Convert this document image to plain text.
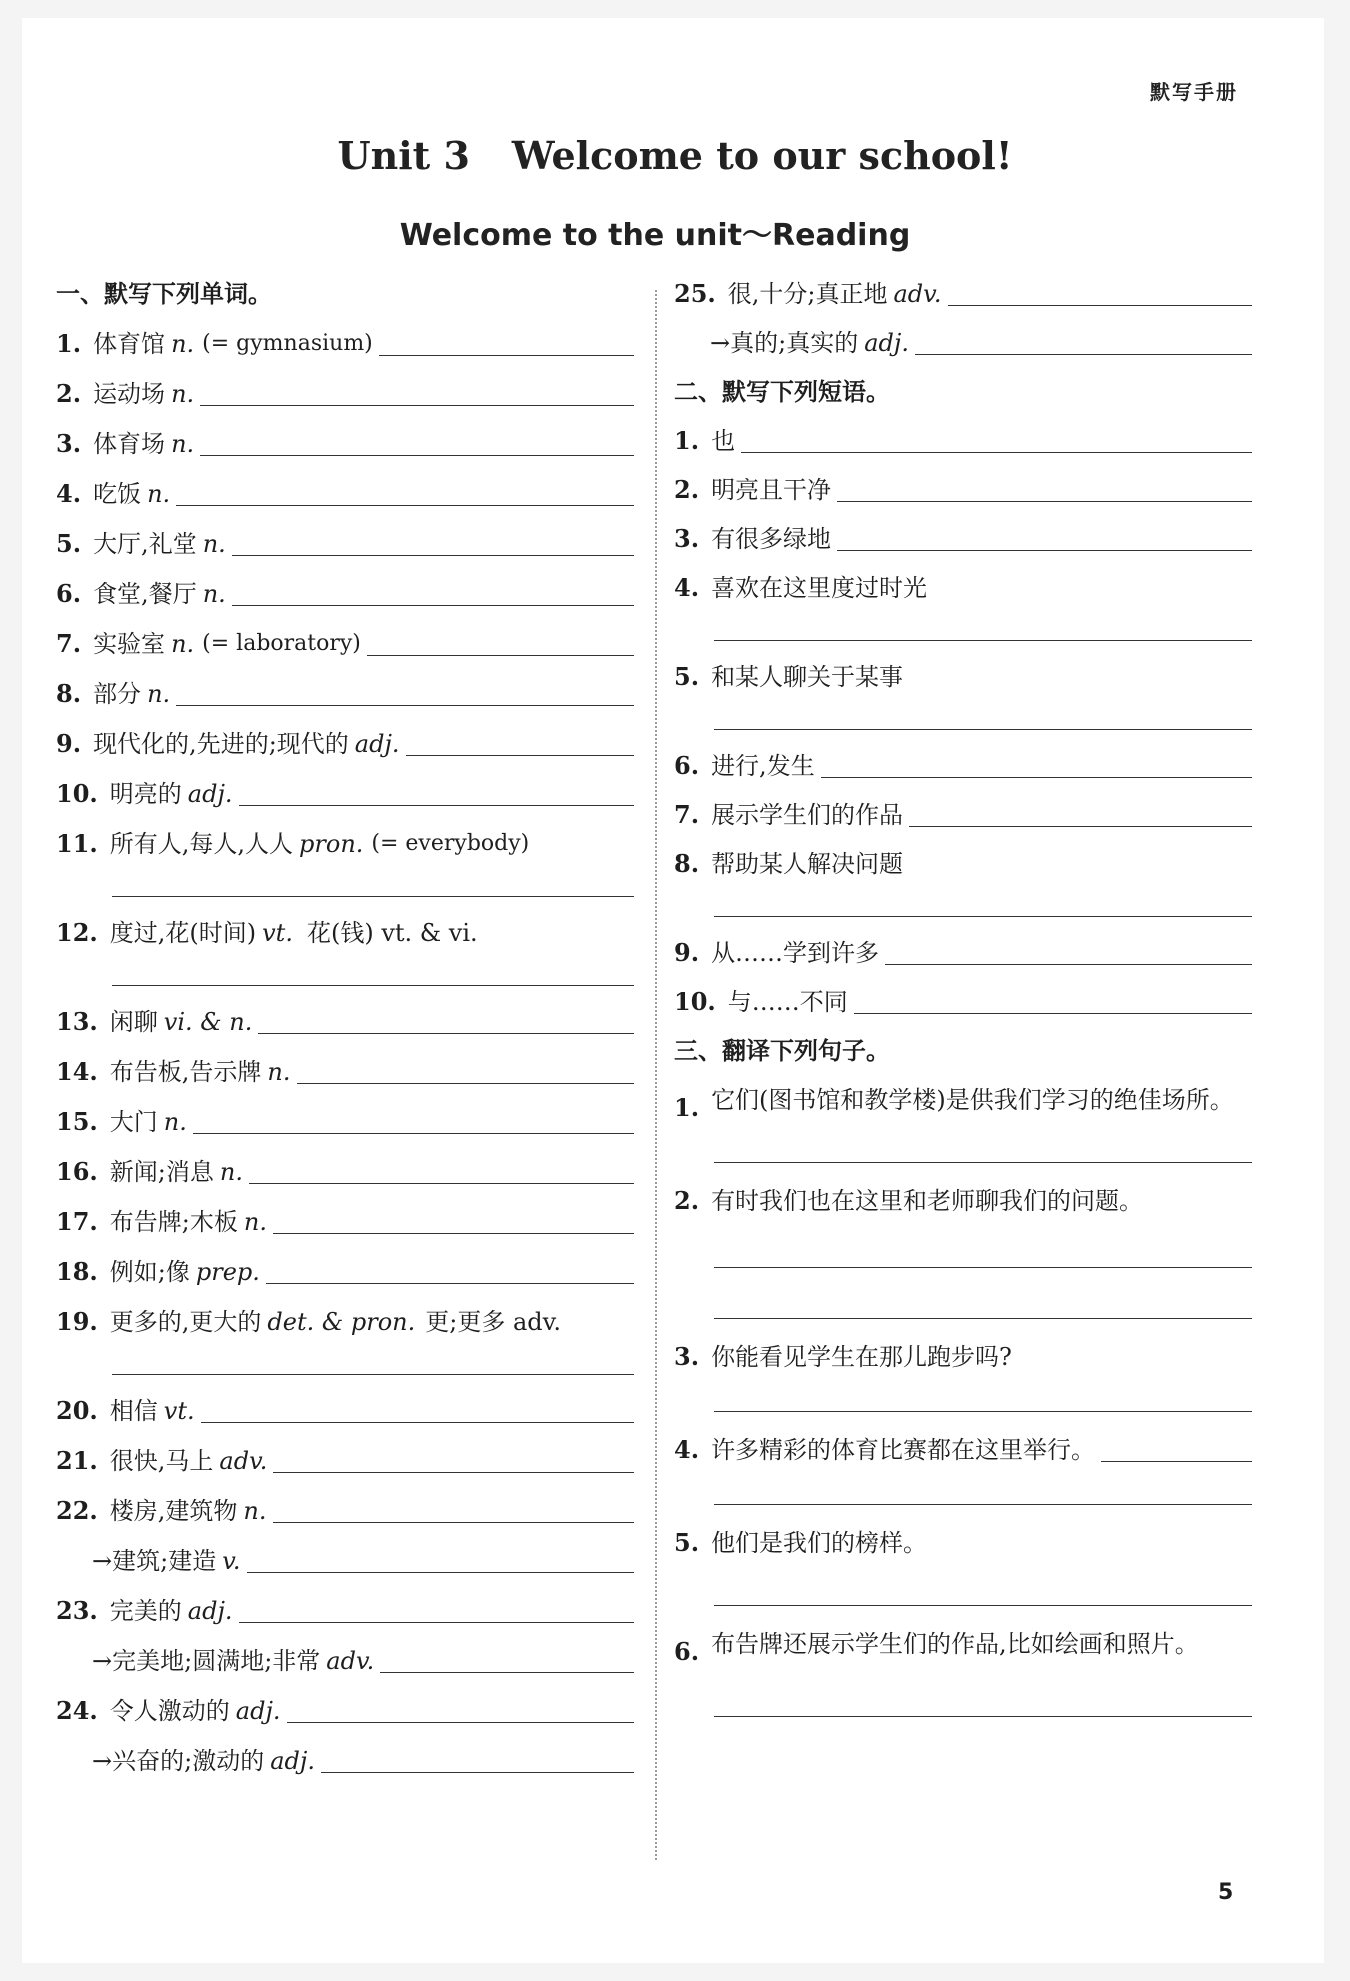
默写手册
Unit 3 Welcome to our school!
Welcome to the unit～Reading
一、默写下列单词。
1. 体育馆 n. (= gymnasium)
2. 运动场 n.
3. 体育场 n.
4. 吃饭 n.
5. 大厅,礼堂 n.
6. 食堂,餐厅 n.
7. 实验室 n. (= laboratory)
8. 部分 n.
9. 现代化的,先进的;现代的 adj.
10. 明亮的 adj.
11. 所有人,每人,人人 pron. (= everybody)
12. 度过,花(时间) vt. 花(钱) vt. & vi.
13. 闲聊 vi. & n.
14. 布告板,告示牌 n.
15. 大门 n.
16. 新闻;消息 n.
17. 布告牌;木板 n.
18. 例如;像 prep.
19. 更多的,更大的 det. & pron. 更;更多 adv.
20. 相信 vt.
21. 很快,马上 adv.
22. 楼房,建筑物 n.
→建筑;建造 v.
23. 完美的 adj.
→完美地;圆满地;非常 adv.
24. 令人激动的 adj.
→兴奋的;激动的 adj.
25. 很,十分;真正地 adv.
→真的;真实的 adj.
二、默写下列短语。
1. 也
2. 明亮且干净
3. 有很多绿地
4. 喜欢在这里度过时光
5. 和某人聊关于某事
6. 进行,发生
7. 展示学生们的作品
8. 帮助某人解决问题
9. 从……学到许多
10. 与……不同
三、翻译下列句子。
1. 它们(图书馆和教学楼)是供我们学习的绝佳场所。
2. 有时我们也在这里和老师聊我们的问题。
3. 你能看见学生在那儿跑步吗?
4. 许多精彩的体育比赛都在这里举行。
5. 他们是我们的榜样。
6. 布告牌还展示学生们的作品,比如绘画和照片。
5
